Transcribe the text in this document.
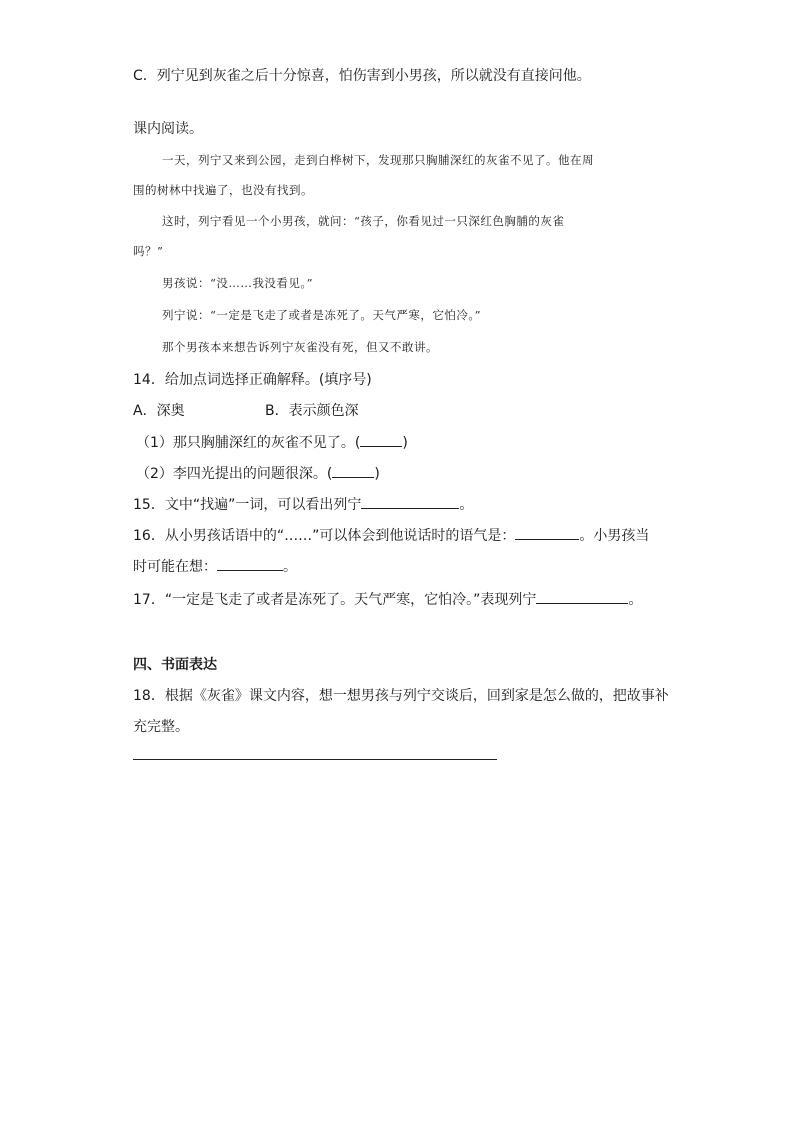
C．列宁见到灰雀之后十分惊喜，怕伤害到小男孩，所以就没有直接问他。
课内阅读。
一天，列宁又来到公园，走到白桦树下，发现那只胸脯深红的灰雀不见了。他在周
围的树林中找遍了，也没有找到。
这时，列宁看见一个小男孩，就问：“孩子，你看见过一只深红色胸脯的灰雀
吗？”
男孩说：“没……我没看见。”
列宁说：“一定是飞走了或者是冻死了。天气严寒，它怕冷。”
那个男孩本来想告诉列宁灰雀没有死，但又不敢讲。
14．给加点词选择正确解释。(填序号)
A．深奥	B．表示颜色深
（1）那只胸脯深红的灰雀不见了。(	)
（2）李四光提出的问题很深。(	)
15．文中“找遍”一词，可以看出列宁	。
16．从小男孩话语中的“……”可以体会到他说话时的语气是：	。小男孩当
时可能在想：	。
17．“一定是飞走了或者是冻死了。天气严寒，它怕冷。”表现列宁	。
四、书面表达
18．根据《灰雀》课文内容，想一想男孩与列宁交谈后，回到家是怎么做的，把故事补
充完整。
